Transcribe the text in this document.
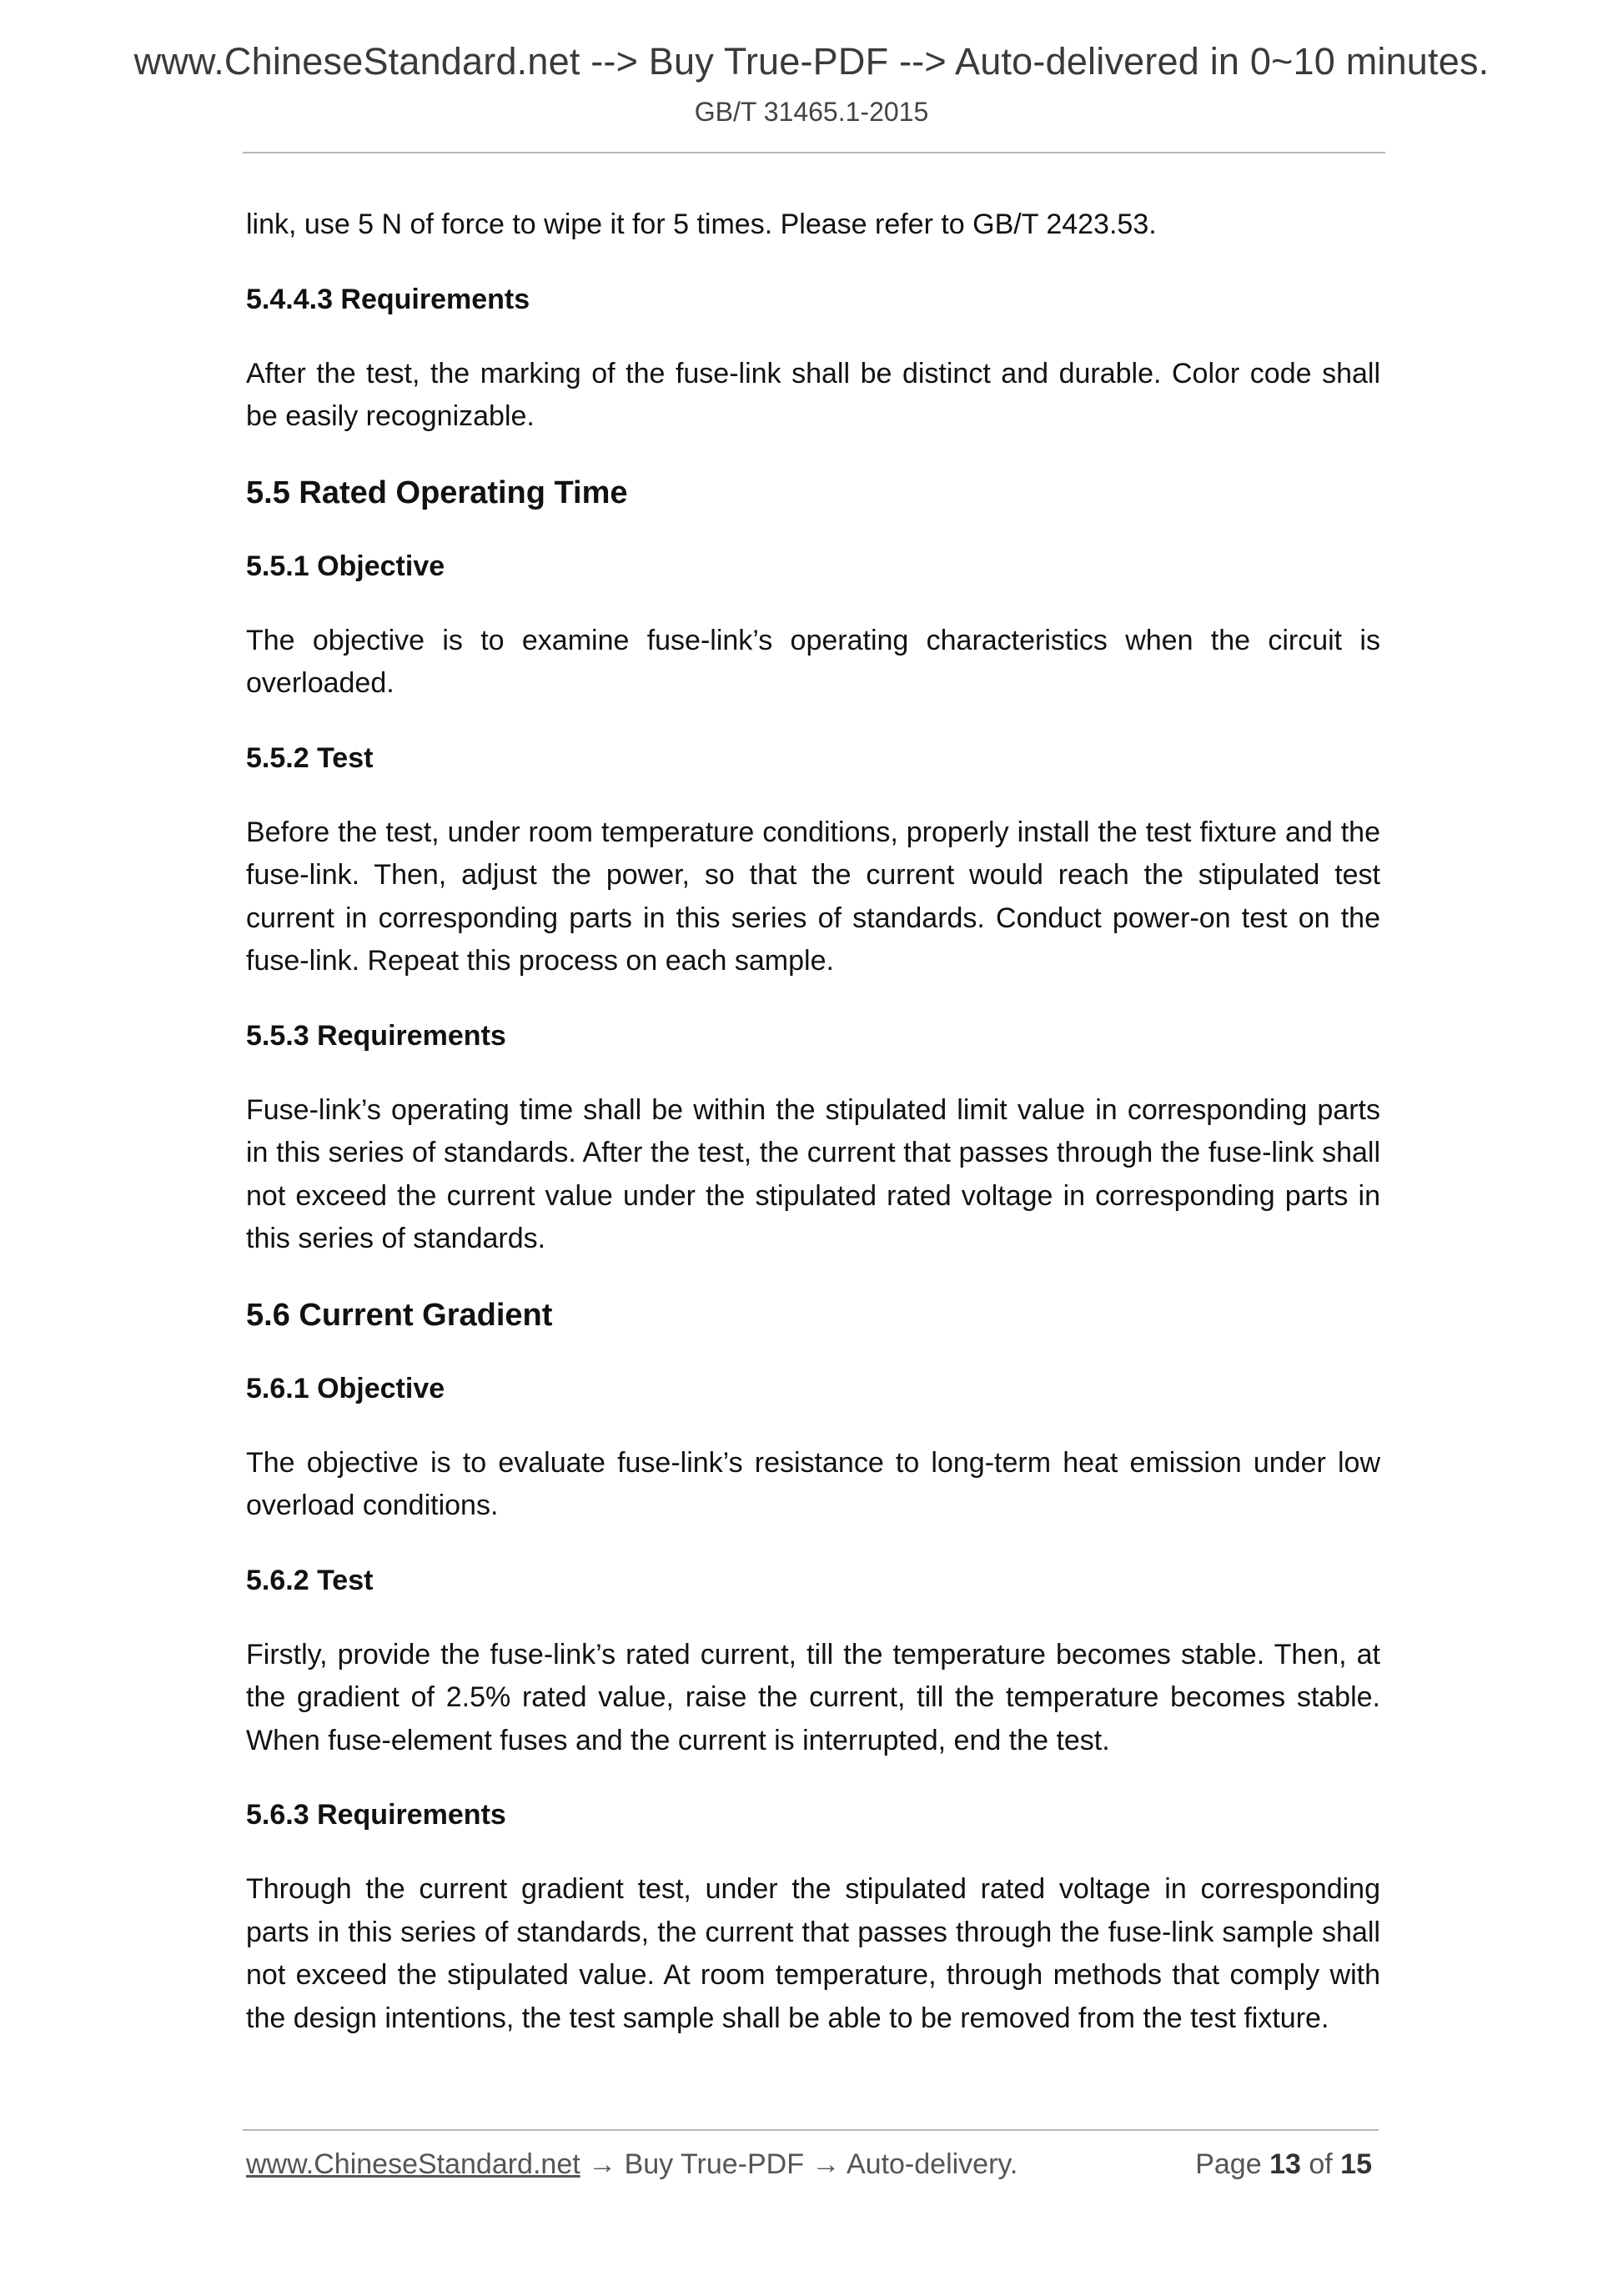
www.ChineseStandard.net --> Buy True-PDF --> Auto-delivered in 0~10 minutes.
GB/T 31465.1-2015

link, use 5 N of force to wipe it for 5 times. Please refer to GB/T 2423.53.

5.4.4.3 Requirements

After the test, the marking of the fuse-link shall be distinct and durable. Color code shall be easily recognizable.

5.5 Rated Operating Time
5.5.1 Objective

The objective is to examine fuse-link’s operating characteristics when the circuit is overloaded.

5.5.2 Test

Before the test, under room temperature conditions, properly install the test fixture and the fuse-link. Then, adjust the power, so that the current would reach the stipulated test current in corresponding parts in this series of standards. Conduct power-on test on the fuse-link. Repeat this process on each sample.

5.5.3 Requirements

Fuse-link’s operating time shall be within the stipulated limit value in corresponding parts in this series of standards. After the test, the current that passes through the fuse-link shall not exceed the current value under the stipulated rated voltage in corresponding parts in this series of standards.

5.6 Current Gradient
5.6.1 Objective

The objective is to evaluate fuse-link’s resistance to long-term heat emission under low overload conditions.

5.6.2 Test

Firstly, provide the fuse-link’s rated current, till the temperature becomes stable. Then, at the gradient of 2.5% rated value, raise the current, till the temperature becomes stable. When fuse-element fuses and the current is interrupted, end the test.

5.6.3 Requirements

Through the current gradient test, under the stipulated rated voltage in corresponding parts in this series of standards, the current that passes through the fuse-link sample shall not exceed the stipulated value. At room temperature, through methods that comply with the design intentions, the test sample shall be able to be removed from the test fixture.

www.ChineseStandard.net → Buy True-PDF → Auto-delivery.	Page 13 of 15
